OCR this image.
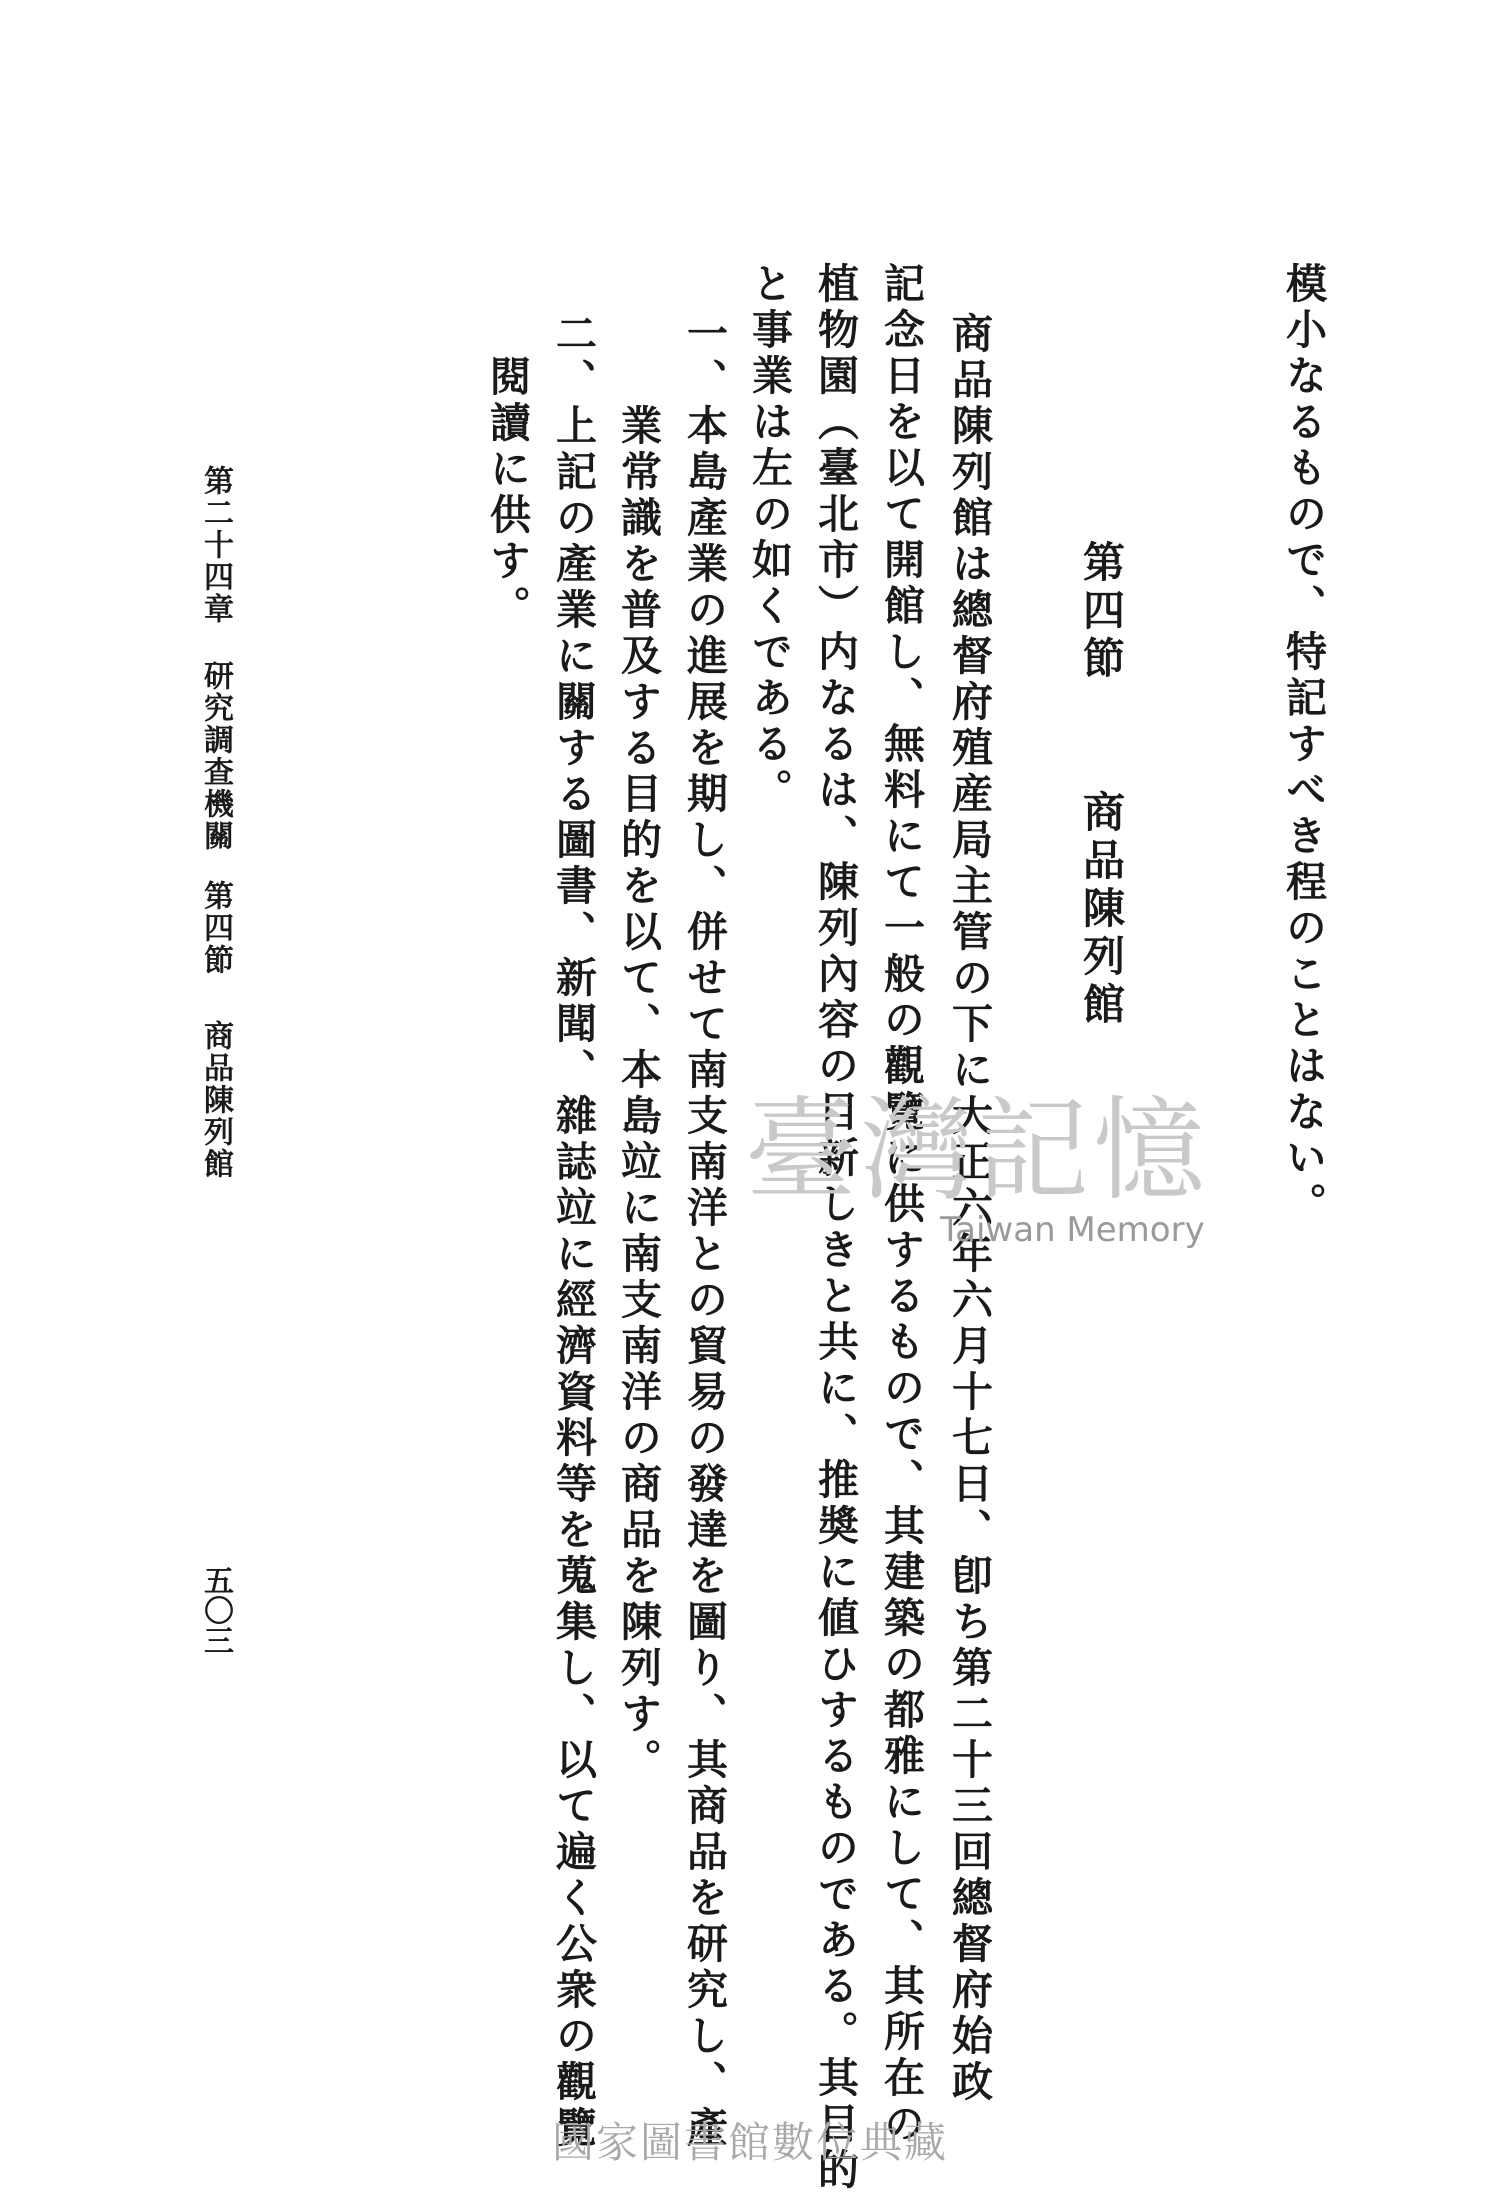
模小なるもので、特記すべき程のことはない。
第四節
商品陳列館
商品陳列館は總督府殖産局主管の下に大正六年六月十七日、卽ち第二十三回總督府始政
記念日を以て開館し、無料にて一般の觀覽に供するもので、其建築の都雅にして、其所在の
植物園（臺北市）内なるは、陳列內容の目新しきと共に、推奬に値ひするものである。其目的
と事業は左の如くである。
一、本島產業の進展を期し、併せて南支南洋との貿易の發達を圖り、其商品を研究し、產
業常識を普及する目的を以て、本島竝に南支南洋の商品を陳列す。
二、上記の產業に關する圖書、新聞、雜誌竝に經濟資料等を蒐集し、以て遍く公衆の觀覽
閱讀に供す。
第二十四章
研究調查機關
第四節
商品陳列館
五〇三
臺灣記憶
Taiwan Memory
國家圖書館數位典藏
